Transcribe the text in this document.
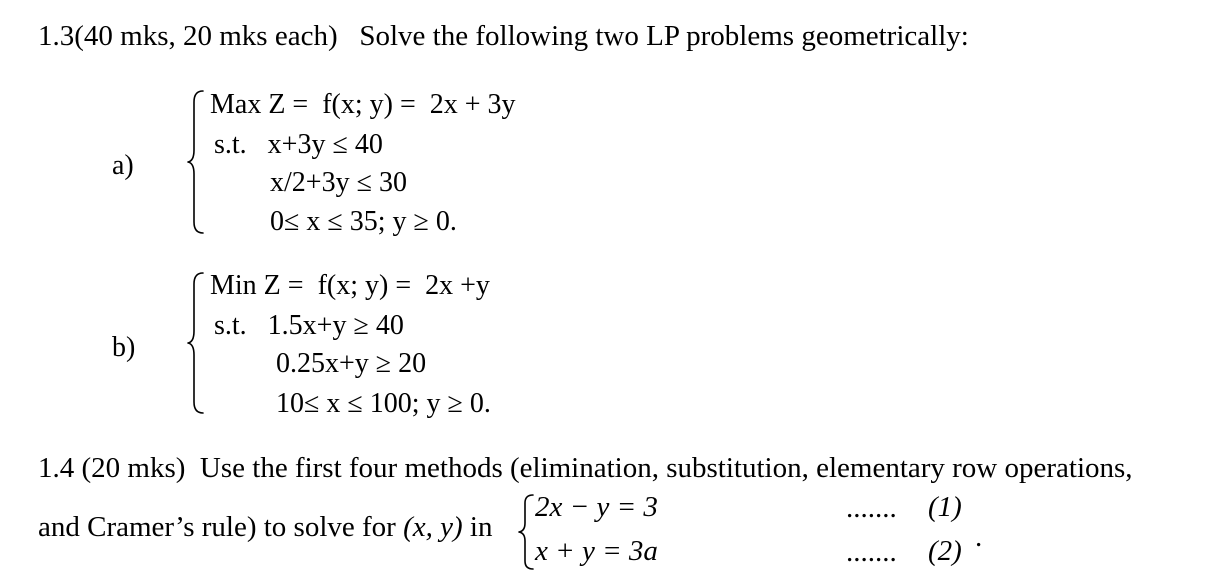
1.3(40 mks, 20 mks each)   Solve the following two LP problems geometrically:
a)
Max Z =  f(x; y) =  2x + 3y
s.t.   x+3y ≤ 40
x/2+3y ≤ 30
0≤ x ≤ 35; y ≥ 0.
b)
Min Z =  f(x; y) =  2x +y
s.t.   1.5x+y ≥ 40
0.25x+y ≥ 20
10≤ x ≤ 100; y ≥ 0.
1.4 (20 mks)  Use the first four methods (elimination, substitution, elementary row operations,
and Cramer’s rule) to solve for (x, y) in
2x − y = 3
x + y = 3a
.......
.......
(1)
(2) .
